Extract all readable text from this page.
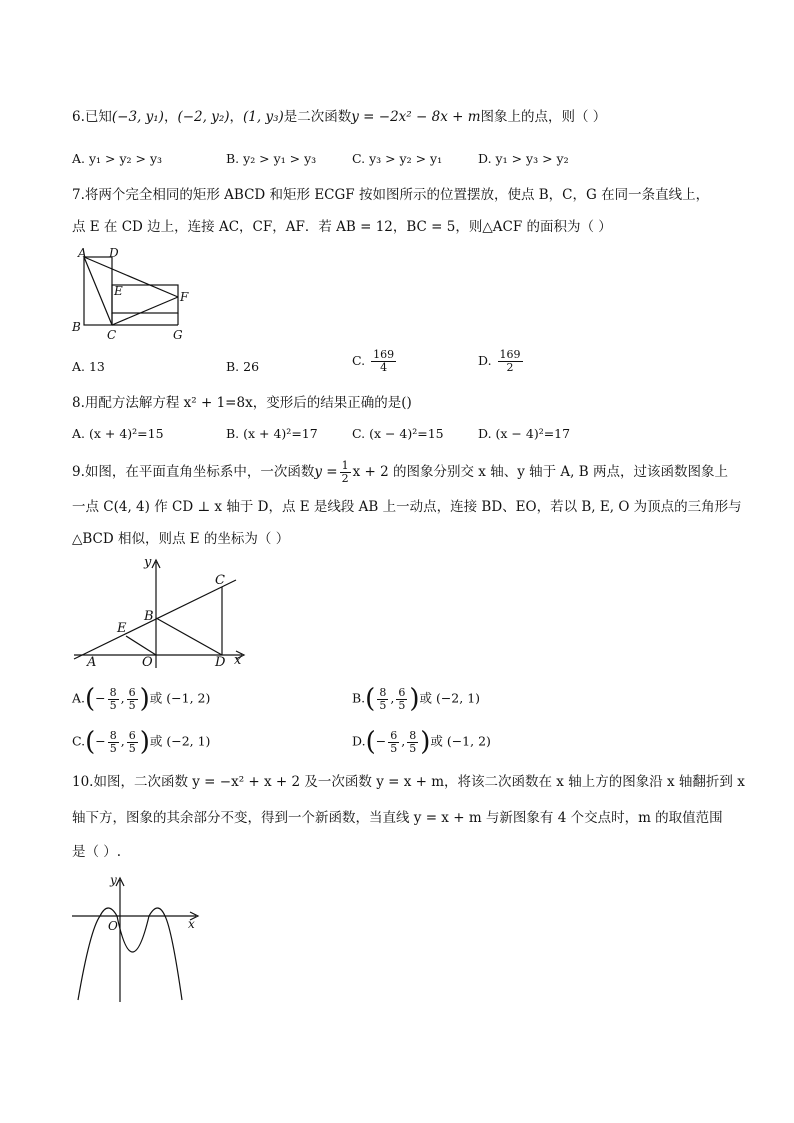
6.已知(−3, y₁)，(−2, y₂)，(1, y₃)是二次函数y = −2x² − 8x + m图象上的点，则（ ）
A. y₁ > y₂ > y₃	B. y₂ > y₁ > y₃	C. y₃ > y₂ > y₁	D. y₁ > y₃ > y₂
7.将两个完全相同的矩形 ABCD 和矩形 ECGF 按如图所示的位置摆放，使点 B，C，G 在同一条直线上，
点 E 在 CD 边上，连接 AC，CF，AF．若 AB = 12，BC = 5，则△ACF 的面积为（ ）
A D
E	F
B
C	G
A. 13	B. 26	C. $\frac{169}{4}$	D. $\frac{169}{2}$
8.用配方法解方程 x² + 1=8x，变形后的结果正确的是()
A. (x + 4)²=15	B. (x + 4)²=17	C. (x − 4)²=15	D. (x − 4)²=17
9.如图，在平面直角坐标系中，一次函数$y = \frac{1}{2}$ x + 2 的图象分别交 x 轴、y 轴于 A, B 两点，过该函数图象上
一点 C(4, 4) 作 CD ⊥ x 轴于 D，点 E 是线段 AB 上一动点，连接 BD、EO，若以 B, E, O 为顶点的三角形与
△BCD 相似，则点 E 的坐标为（ ）
y
C
B
E
A	O	D x
$A.(- \frac{8}{5}$ , $\frac{6}{5}$ )或 (−1, 2)	$B.( \frac{8}{5}$ , $\frac{6}{5}$ )或 (−2, 1)
$C.(- \frac{8}{5}$ , $\frac{6}{5}$ )或 (−2, 1)	$D.(- \frac{6}{5}$ , $\frac{8}{5}$ )或 (−1, 2)
10.如图，二次函数 y = −x² + x + 2 及一次函数 y = x + m，将该二次函数在 x 轴上方的图象沿 x 轴翻折到 x
轴下方，图象的其余部分不变，得到一个新函数，当直线 y = x + m 与新图象有 4 个交点时，m 的取值范围
是（ ）.
y
O	x
